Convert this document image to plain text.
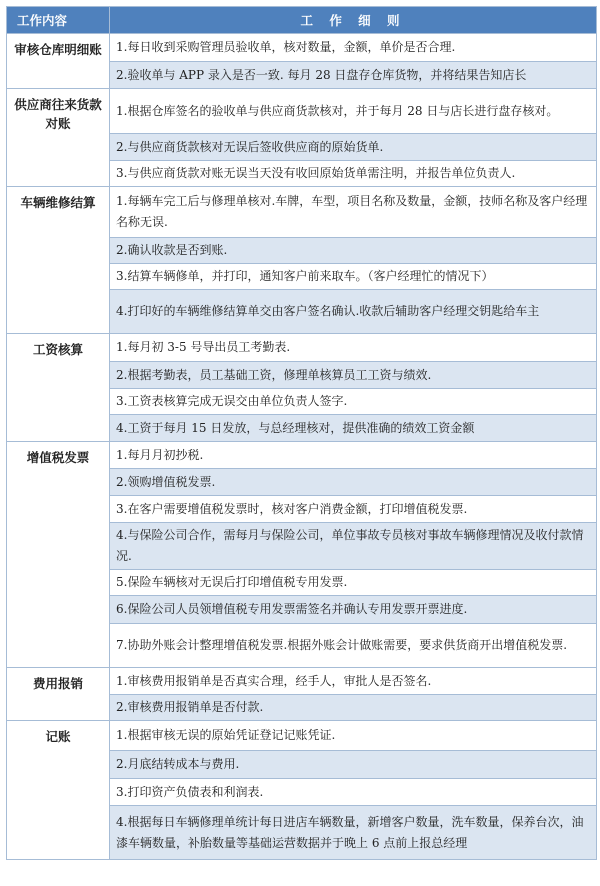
工作内容	工 作 细 则
审核仓库明细账	1.每日收到采购管理员验收单，核对数量，金额，单价是否合理.
	2.验收单与 APP 录入是否一致. 每月 28 日盘存仓库货物，并将结果告知店长
供应商往来货款对账	1.根据仓库签名的验收单与供应商货款核对，并于每月 28 日与店长进行盘存核对。
	2.与供应商货款核对无误后签收供应商的原始货单.
	3.与供应商货款对账无误当天没有收回原始货单需注明，并报告单位负责人.
车辆维修结算	1.每辆车完工后与修理单核对.车牌，车型，项目名称及数量，金额，技师名称及客户经理名称无误.
	2.确认收款是否到账.
	3.结算车辆修单，并打印，通知客户前来取车。（客户经理忙的情况下）
	4.打印好的车辆维修结算单交由客户签名确认.收款后辅助客户经理交钥匙给车主
工资核算	1.每月初 3-5 号导出员工考勤表.
	2.根据考勤表，员工基础工资，修理单核算员工工资与绩效.
	3.工资表核算完成无误交由单位负责人签字.
	4.工资于每月 15 日发放，与总经理核对，提供准确的绩效工资金额
增值税发票	1.每月月初抄税.
	2.领购增值税发票.
	3.在客户需要增值税发票时，核对客户消费金额，打印增值税发票.
	4.与保险公司合作，需每月与保险公司，单位事故专员核对事故车辆修理情况及收付款情况.
	5.保险车辆核对无误后打印增值税专用发票.
	6.保险公司人员领增值税专用发票需签名并确认专用发票开票进度.
	7.协助外账会计整理增值税发票.根据外账会计做账需要，要求供货商开出增值税发票.
费用报销	1.审核费用报销单是否真实合理，经手人，审批人是否签名.
	2.审核费用报销单是否付款.
记账	1.根据审核无误的原始凭证登记记账凭证.
	2.月底结转成本与费用.
	3.打印资产负债表和利润表.
	4.根据每日车辆修理单统计每日进店车辆数量，新增客户数量，洗车数量，保养台次，油漆车辆数量，补胎数量等基础运营数据并于晚上 6 点前上报总经理
